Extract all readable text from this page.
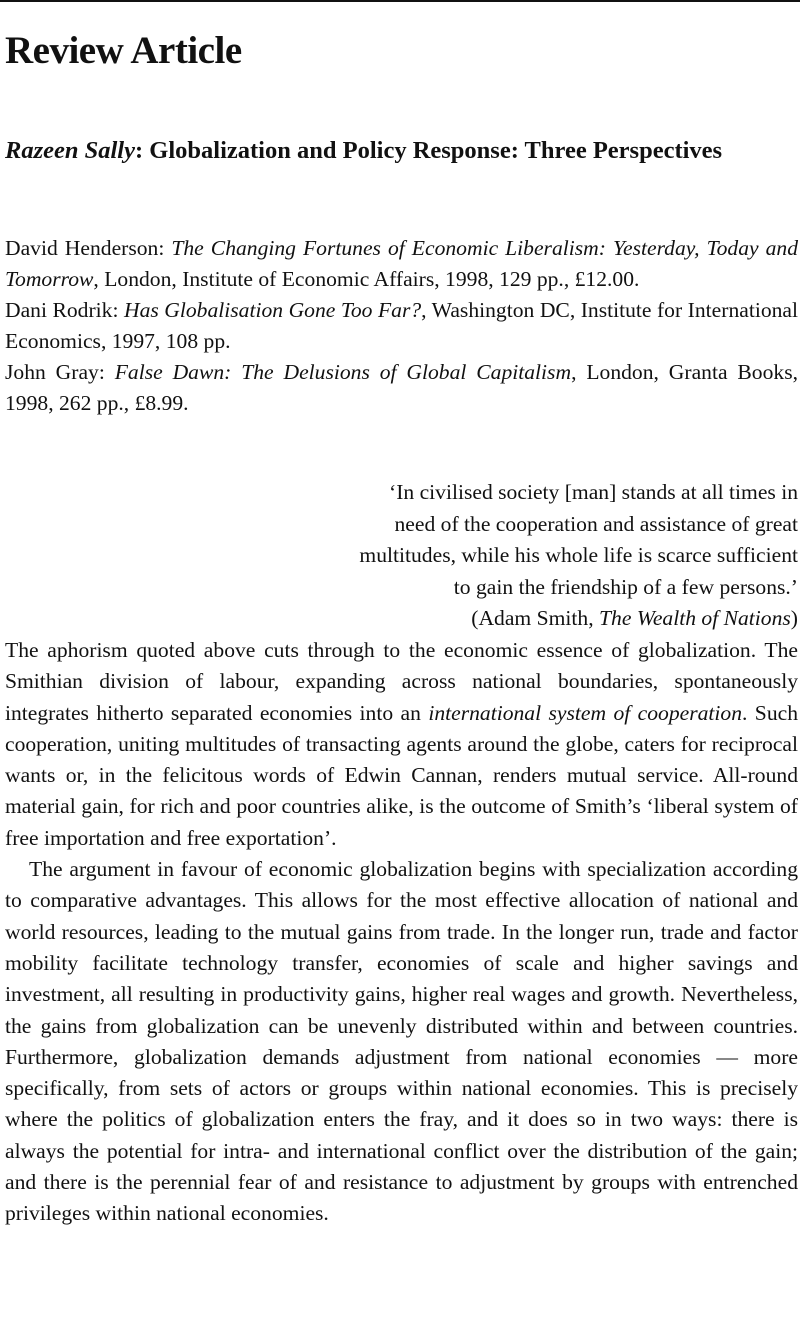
Review Article
Razeen Sally: Globalization and Policy Response: Three Perspectives

David Henderson: The Changing Fortunes of Economic Liberalism: Yesterday, Today and Tomorrow, London, Institute of Economic Affairs, 1998, 129 pp., £12.00.

Dani Rodrik: Has Globalisation Gone Too Far?, Washington DC, Institute for International Economics, 1997, 108 pp.

John Gray: False Dawn: The Delusions of Global Capitalism, London, Granta Books, 1998, 262 pp., £8.99.

‘In civilised society [man] stands at all times in

need of the cooperation and assistance of great

multitudes, while his whole life is scarce sufficient

to gain the friendship of a few persons.’

(Adam Smith, The Wealth of Nations)

The aphorism quoted above cuts through to the economic essence of globalization. The Smithian division of labour, expanding across national boundaries, spontaneously integrates hitherto separated economies into an international system of cooperation. Such cooperation, uniting multitudes of transacting agents around the globe, caters for reciprocal wants or, in the felicitous words of Edwin Cannan, renders mutual service. All-round material gain, for rich and poor countries alike, is the outcome of Smith’s ‘liberal system of free importation and free exportation’.

The argument in favour of economic globalization begins with specialization according to comparative advantages. This allows for the most effective allocation of national and world resources, leading to the mutual gains from trade. In the longer run, trade and factor mobility facilitate technology transfer, economies of scale and higher savings and investment, all resulting in productivity gains, higher real wages and growth. Nevertheless, the gains from globalization can be unevenly distributed within and between countries. Furthermore, globalization demands adjustment from national economies — more specifically, from sets of actors or groups within national economies. This is precisely where the politics of globalization enters the fray, and it does so in two ways: there is always the potential for intra- and international conf​lict over the distribution of the gain; and there is the perennial fear of and resistance to adjustment by groups with entrenched privileges within national economies.
